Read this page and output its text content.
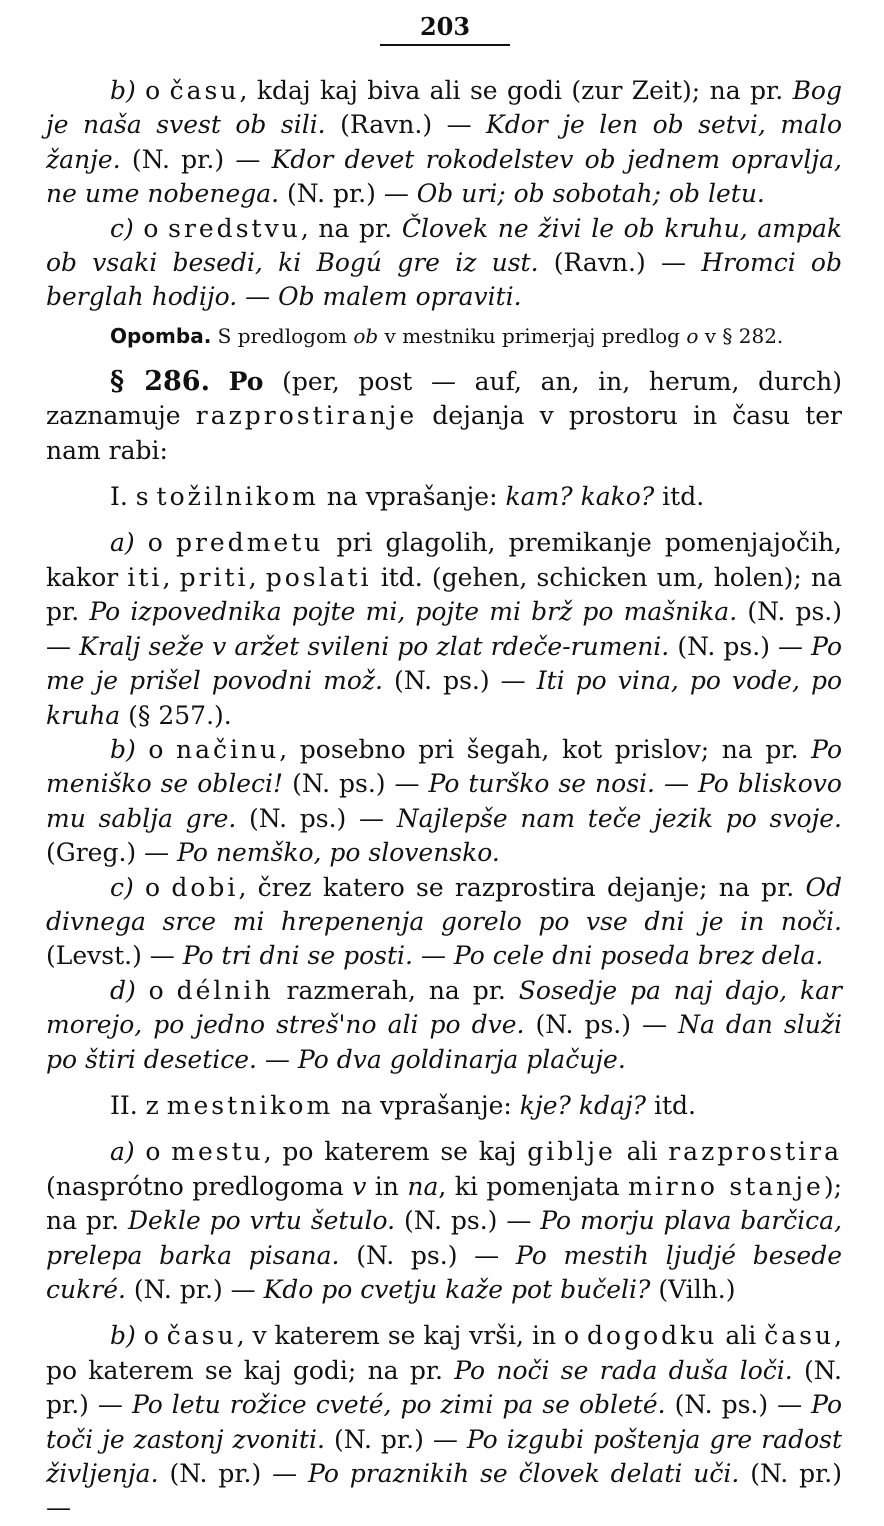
203

b) o času, kdaj kaj biva ali se godi (zur Zeit); na pr. Bog je naša svest ob sili. (Ravn.) — Kdor je len ob setvi, malo žanje. (N. pr.) — Kdor devet rokodelstev ob jednem opravlja, ne ume nobenega. (N. pr.) — Ob uri; ob sobotah; ob letu.

c) o sredstvu, na pr. Človek ne živi le ob kruhu, ampak ob vsaki besedi, ki Bogú gre iz ust. (Ravn.) — Hromci ob berglah hodijo. — Ob malem opraviti.

Opomba. S predlogom ob v mestniku primerjaj predlog o v § 282.

§ 286. Po (per, post — auf, an, in, herum, durch) zaznamuje razprostiranje dejanja v prostoru in času ter nam rabi:

I. s tožilnikom na vprašanje: kam? kako? itd.

a) o predmetu pri glagolih, premikanje pomenjajočih, kakor iti, priti, poslati itd. (gehen, schicken um, holen); na pr. Po izpovednika pojte mi, pojte mi brž po mašnika. (N. ps.) — Kralj seže v aržet svileni po zlat rdeče-rumeni. (N. ps.) — Po me je prišel povodni mož. (N. ps.) — Iti po vina, po vode, po kruha (§ 257.).

b) o načinu, posebno pri šegah, kot prislov; na pr. Po meniško se obleci! (N. ps.) — Po turško se nosi. — Po bliskovo mu sablja gre. (N. ps.) — Najlepše nam teče jezik po svoje. (Greg.) — Po nemško, po slovensko.

c) o dobi, črez katero se razprostira dejanje; na pr. Od divnega srce mi hrepenenja gorelo po vse dni je in noči. (Levst.) — Po tri dni se posti. — Po cele dni poseda brez dela.

d) o délnih razmerah, na pr. Sosedje pa naj dajo, kar morejo, po jedno streš'no ali po dve. (N. ps.) — Na dan služi po štiri desetice. — Po dva goldinarja plačuje.

II. z mestnikom na vprašanje: kje? kdaj? itd.

a) o mestu, po katerem se kaj giblje ali razprostira (nasprótno predlogoma v in na, ki pomenjata mirno stanje); na pr. Dekle po vrtu šetulo. (N. ps.) — Po morju plava barčica, prelepa barka pisana. (N. ps.) — Po mestih ljudjé besede cukré. (N. pr.) — Kdo po cvetju kaže pot bučeli? (Vilh.)

b) o času, v katerem se kaj vrši, in o dogodku ali času, po katerem se kaj godi; na pr. Po noči se rada duša loči. (N. pr.) — Po letu rožice cveté, po zimi pa se obleté. (N. ps.) — Po toči je zastonj zvoniti. (N. pr.) — Po izgubi poštenja gre radost življenja. (N. pr.) — Po praznikih se človek delati uči. (N. pr.) —
